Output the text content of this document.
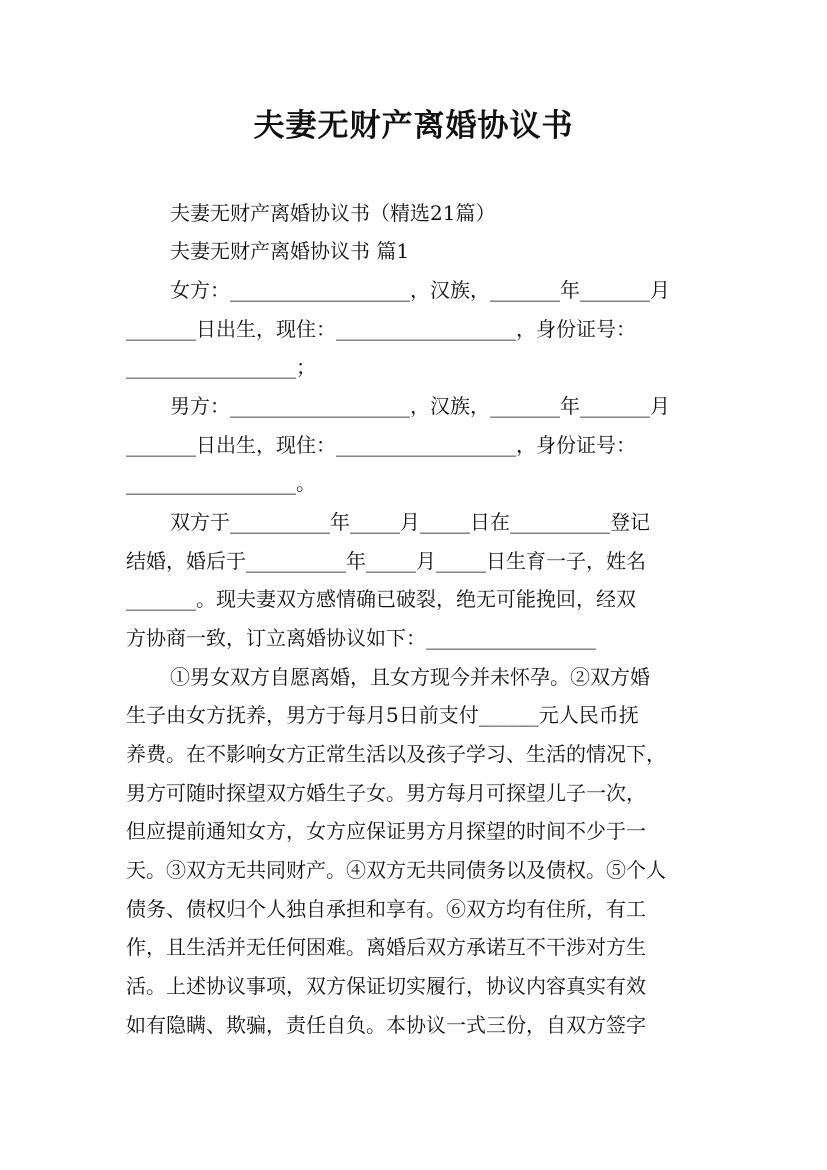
夫妻无财产离婚协议书
夫妻无财产离婚协议书（精选21篇）
夫妻无财产离婚协议书 篇1
女方：__________________，汉族，_______年_______月
_______日出生，现住：__________________，身份证号：
_________________；
男方：__________________，汉族，_______年_______月
_______日出生，现住：__________________，身份证号：
_________________。
双方于__________年_____月_____日在__________登记
结婚，婚后于__________年_____月_____日生育一子，姓名
_______。现夫妻双方感情确已破裂，绝无可能挽回，经双
方协商一致，订立离婚协议如下：_________________
①男女双方自愿离婚，且女方现今并未怀孕。②双方婚
生子由女方抚养，男方于每月5日前支付______元人民币抚
养费。在不影响女方正常生活以及孩子学习、生活的情况下，
男方可随时探望双方婚生子女。男方每月可探望儿子一次，
但应提前通知女方，女方应保证男方月探望的时间不少于一
天。③双方无共同财产。④双方无共同债务以及债权。⑤个人
债务、债权归个人独自承担和享有。⑥双方均有住所，有工
作，且生活并无任何困难。离婚后双方承诺互不干涉对方生
活。上述协议事项，双方保证切实履行，协议内容真实有效
如有隐瞒、欺骗，责任自负。本协议一式三份，自双方签字
